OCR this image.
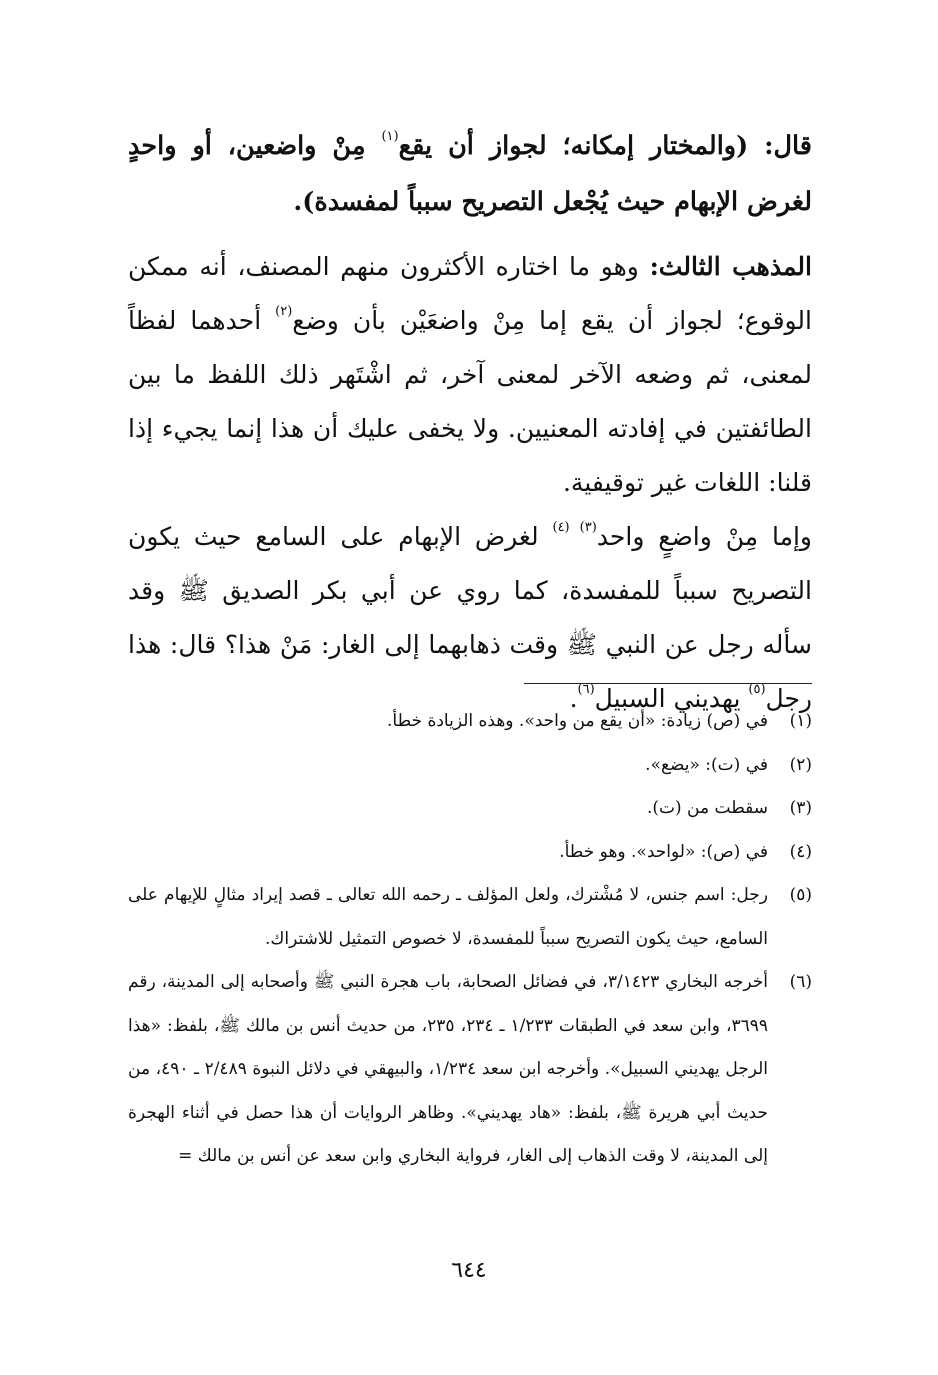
قال: (والمختار إمكانه؛ لجواز أن يقع$^{(١)}$ مِنْ واضعين، أو واحدٍ لغرض الإبهام حيث يُجْعل التصريح سبباً لمفسدة).

المذهب الثالث: وهو ما اختاره الأكثرون منهم المصنف، أنه ممكن الوقوع؛ لجواز أن يقع إما مِنْ واضعَيْن بأن وضع$^{(٢)}$ أحدهما لفظاً لمعنى، ثم وضعه الآخر لمعنى آخر، ثم اشْتَهر ذلك اللفظ ما بين الطائفتين في إفادته المعنيين. ولا يخفى عليك أن هذا إنما يجيء إذا قلنا: اللغات غير توقيفية.

وإما مِنْ واضعٍ واحد$^{(٣) (٤)}$ لغرض الإبهام على السامع حيث يكون التصريح سبباً للمفسدة، كما روي عن أبي بكر الصديق ﷺ وقد سأله رجل عن النبي ﷺ وقت ذهابهما إلى الغار: مَنْ هذا؟ قال: هذا رجل$^{(٥)}$ يهديني السبيل$^{(٦)}$.

(١)
في (ص) زيادة: «أن يقع من واحد». وهذه الزيادة خطأ.
(٢)
في (ت): «يضع».
(٣)
سقطت من (ت).
(٤)
في (ص): «لواحد». وهو خطأ.
(٥)
رجل: اسم جنس، لا مُشْترك، ولعل المؤلف ـ رحمه الله تعالى ـ قصد إيراد مثالٍ للإيهام على السامع، حيث يكون التصريح سبباً للمفسدة، لا خصوص التمثيل للاشتراك.
(٦)
أخرجه البخاري ٣/١٤٢٣، في فضائل الصحابة، باب هجرة النبي ﷺ وأصحابه إلى المدينة، رقم ٣٦٩٩، وابن سعد في الطبقات ١/٢٣٣ ـ ٢٣٤، ٢٣٥، من حديث أنس بن مالك ﷺ، بلفظ: «هذا الرجل يهديني السبيل». وأخرجه ابن سعد ١/٢٣٤، والبيهقي في دلائل النبوة ٢/٤٨٩ ـ ٤٩٠، من حديث أبي هريرة ﷺ، بلفظ: «هاد يهديني». وظاهر الروايات أن هذا حصل في أثناء الهجرة إلى المدينة، لا وقت الذهاب إلى الغار، فرواية البخاري وابن سعد عن أنس بن مالك =
٦٤٤
